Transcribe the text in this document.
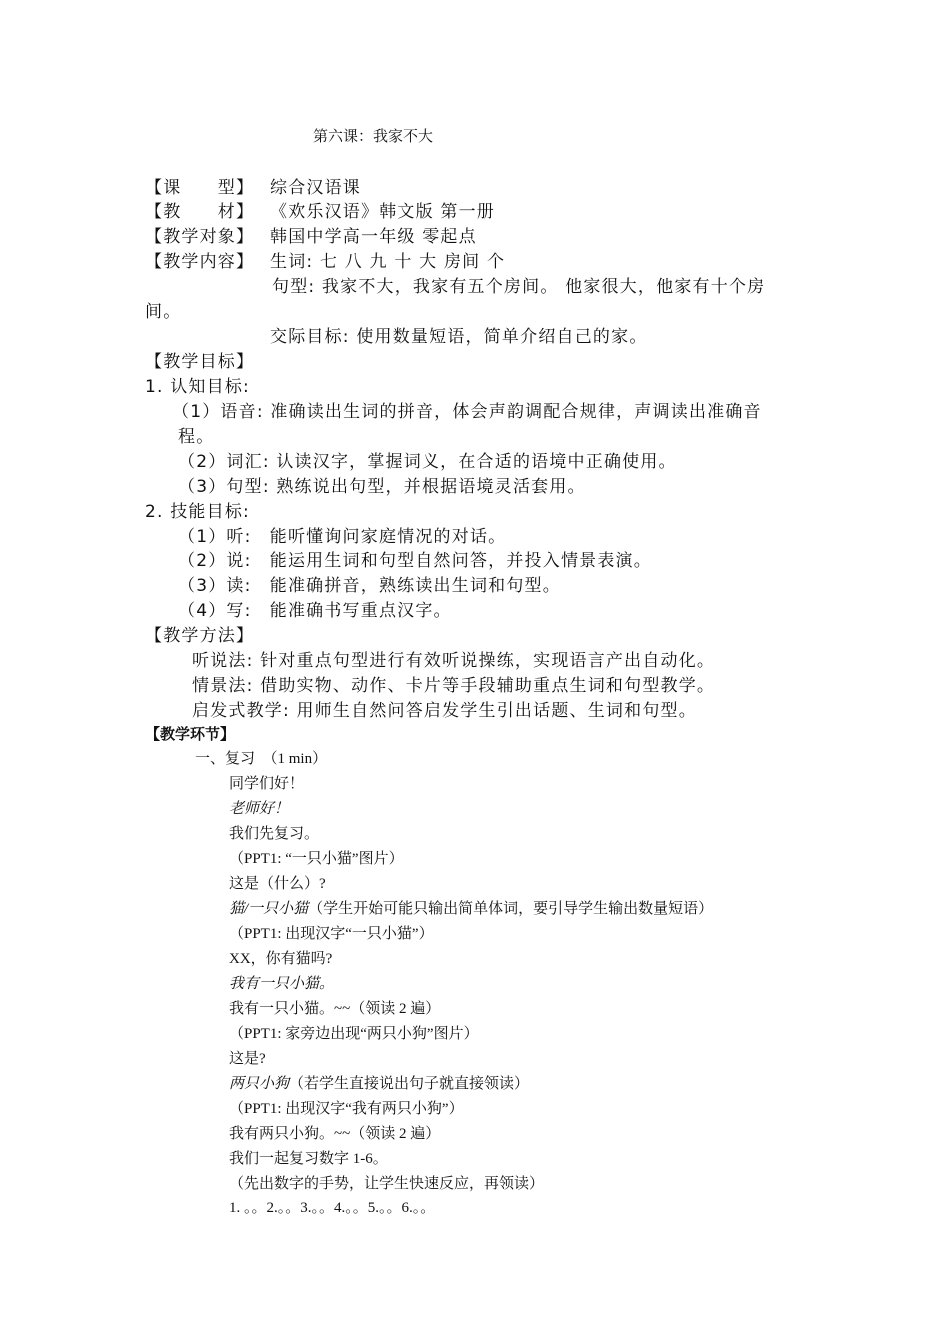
第六课：我家不大
【课　　型】 综合汉语课
【教　　材】 《欢乐汉语》韩文版 第一册
【教学对象】 韩国中学高一年级 零起点
【教学内容】 生词: 七 八 九 十 大 房间 个
句型: 我家不大，我家有五个房间。 他家很大，他家有十个房
间。
交际目标: 使用数量短语，简单介绍自己的家。
【教学目标】
1. 认知目标:
（1）语音: 准确读出生词的拼音，体会声韵调配合规律，声调读出准确音
程。
（2）词汇: 认读汉字，掌握词义，在合适的语境中正确使用。
（3）句型: 熟练说出句型，并根据语境灵活套用。
2. 技能目标:
（1）听:　能听懂询问家庭情况的对话。
（2）说:　能运用生词和句型自然问答，并投入情景表演。
（3）读:　能准确拼音，熟练读出生词和句型。
（4）写:　能准确书写重点汉字。
【教学方法】
听说法: 针对重点句型进行有效听说操练，实现语言产出自动化。
情景法: 借助实物、动作、卡片等手段辅助重点生词和句型教学。
启发式教学: 用师生自然问答启发学生引出话题、生词和句型。
【教学环节】
一、复习　（1 min）
同学们好！
老师好！
我们先复习。
（PPT1: “一只小猫”图片）
这是（什么）?
猫/一只小猫（学生开始可能只输出简单体词，要引导学生输出数量短语）
（PPT1: 出现汉字“一只小猫”）
XX，你有猫吗?
我有一只小猫。
我有一只小猫。~~（领读 2 遍）
（PPT1: 家旁边出现“两只小狗”图片）
这是?
两只小狗（若学生直接说出句子就直接领读）
（PPT1: 出现汉字“我有两只小狗”）
我有两只小狗。~~（领读 2 遍）
我们一起复习数字 1-6。
（先出数字的手势，让学生快速反应，再领读）
1. 。。2.。。3.。。4.。。5.。。6.。。
